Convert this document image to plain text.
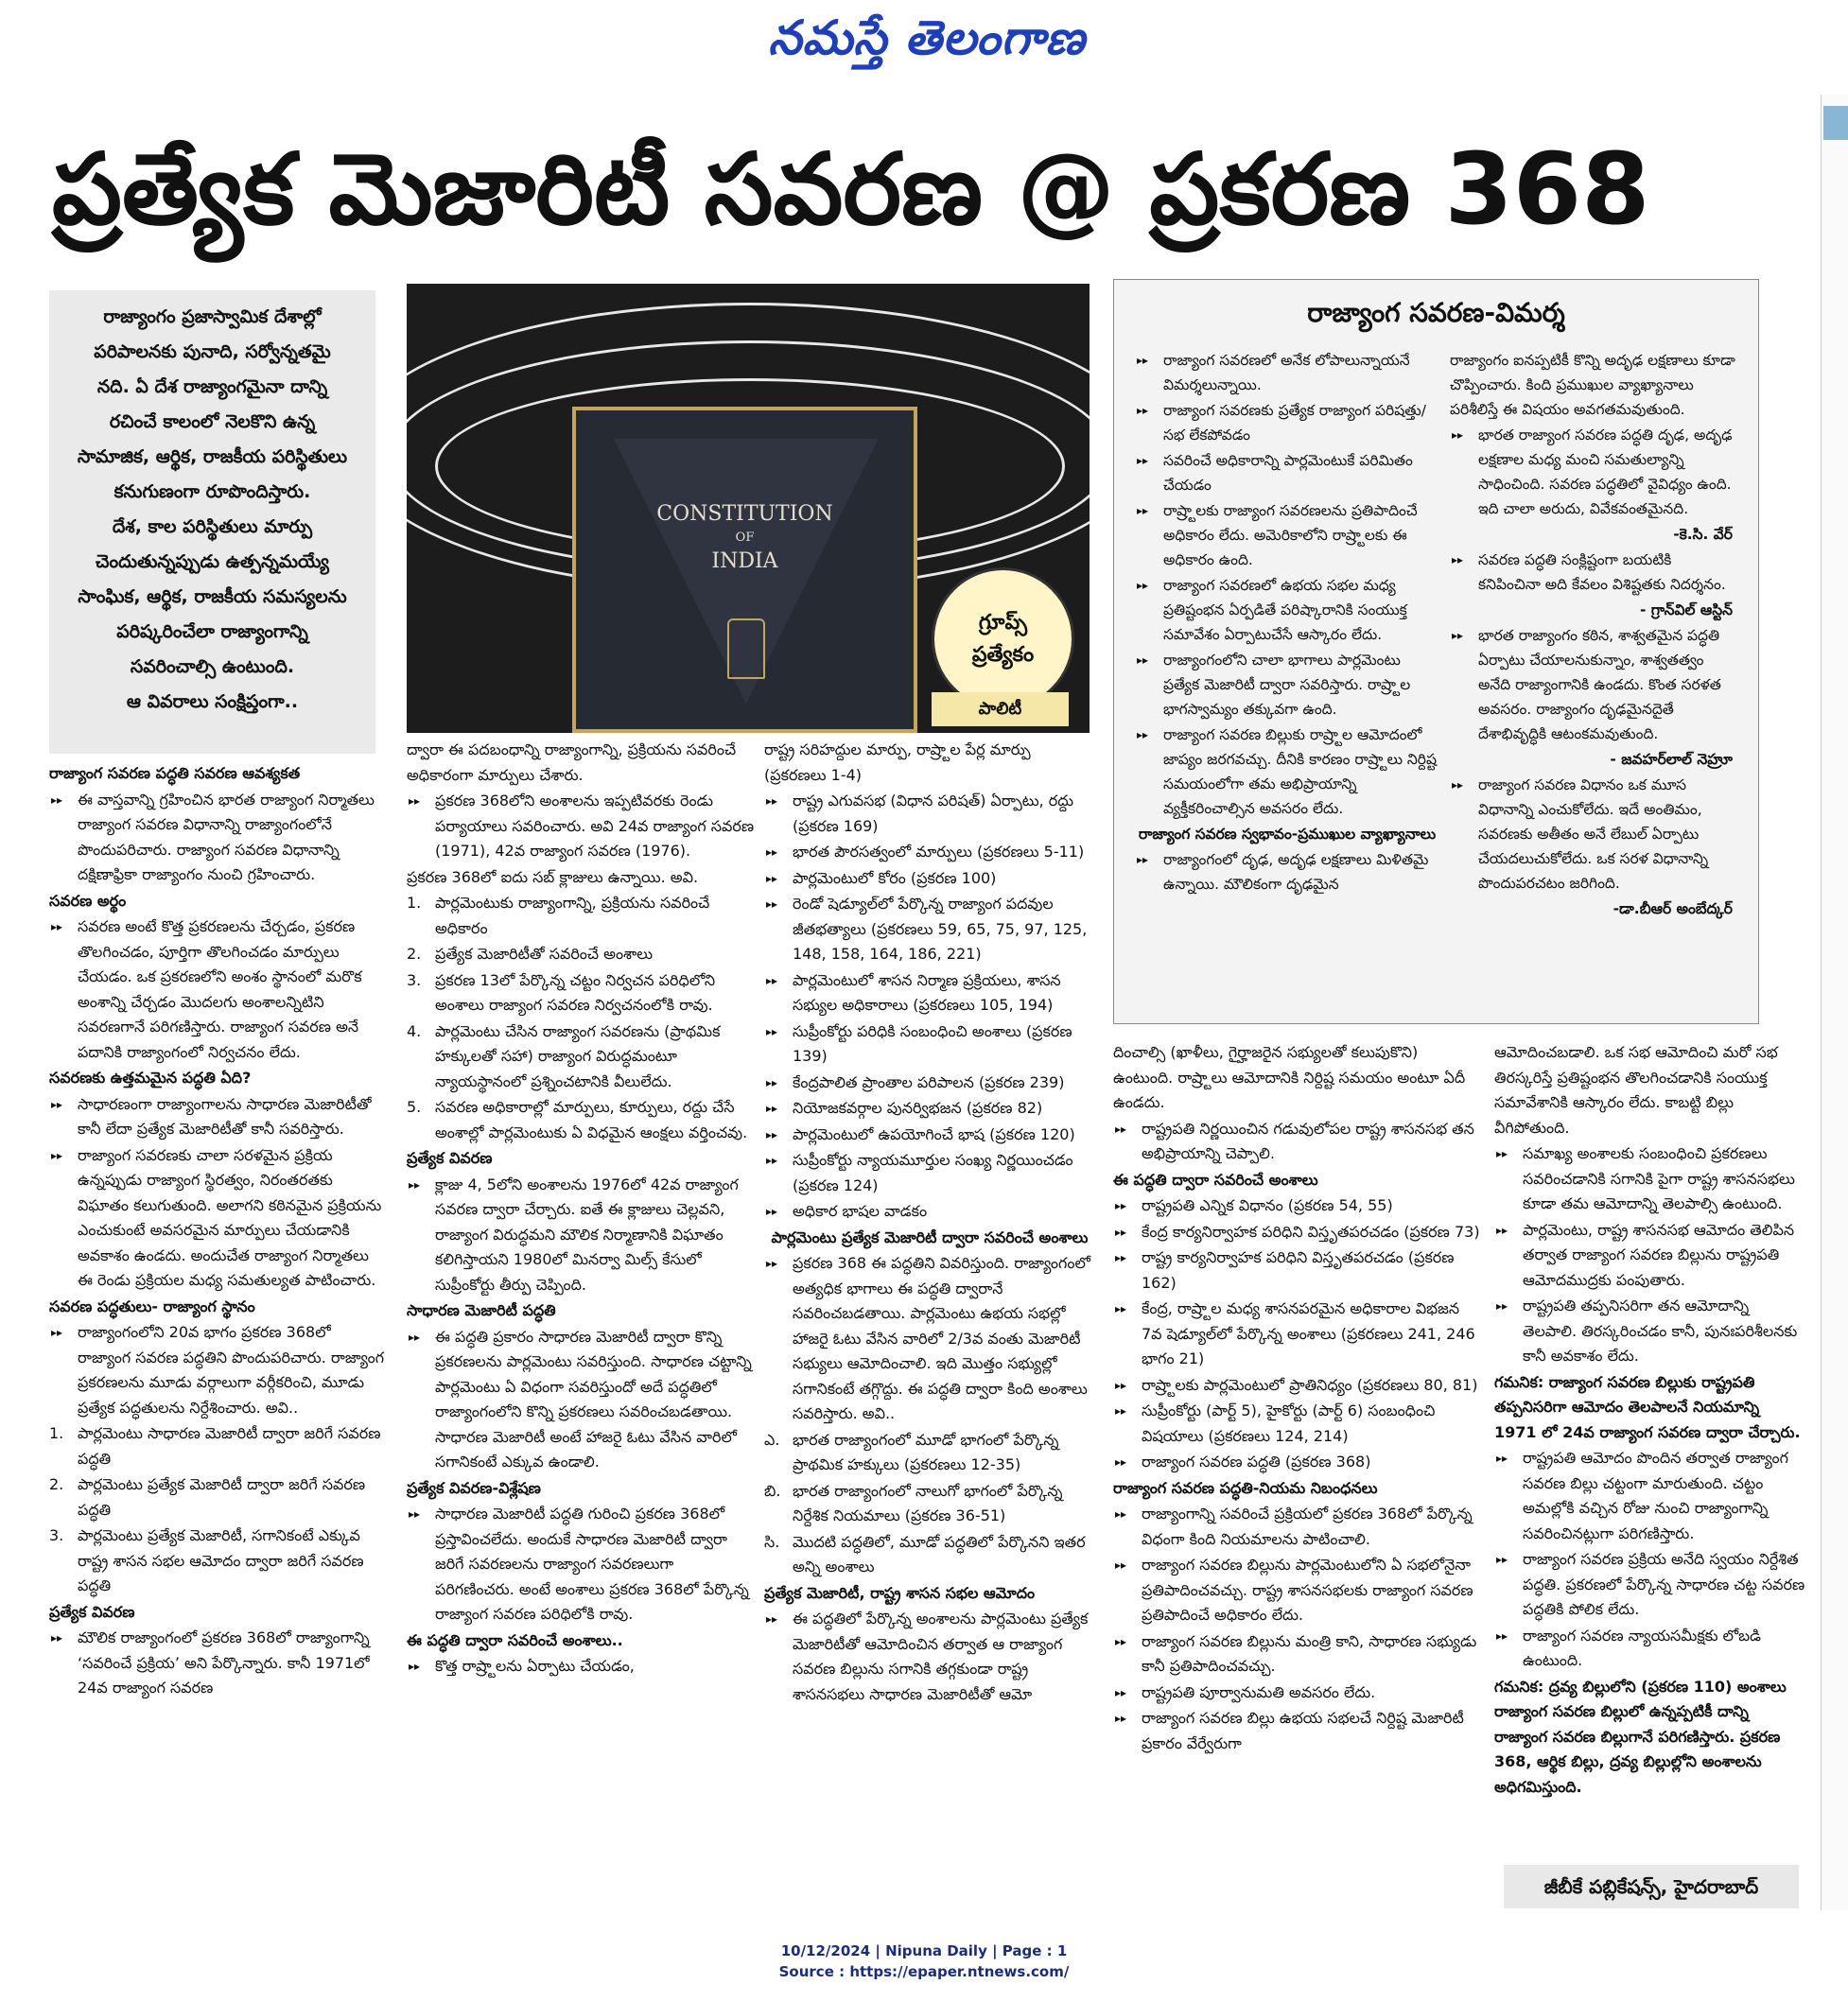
నమస్తే తెలంగాణ
ప్రత్యేక మెజారిటీ సవరణ @ ప్రకరణ 368

రాజ్యాంగం ప్రజాస్వామిక దేశాల్లో

పరిపాలనకు పునాది, సర్వోన్నతమై

నది. ఏ దేశ రాజ్యాంగమైనా దాన్ని

రచించే కాలంలో నెలకొని ఉన్న

సామాజిక, ఆర్థిక, రాజకీయ పరిస్థితులు

కనుగుణంగా రూపొందిస్తారు.

దేశ, కాల పరిస్థితులు మార్పు

చెందుతున్నప్పుడు ఉత్పన్నమయ్యే

సాంఘిక, ఆర్థిక, రాజకీయ సమస్యలను

పరిష్కరించేలా రాజ్యాంగాన్ని

సవరించాల్సి ఉంటుంది.

ఆ వివరాలు సంక్షిప్తంగా..

CONSTITUTION
OF
INDIA
గ్రూప్స్
ప్రత్యేకం
పాలిటీ
రాజ్యాంగ సవరణ-విమర్శ
▸▸ రాజ్యాంగ సవరణలో అనేక లోపాలున్నాయనే విమర్శలున్నాయి.
▸▸ రాజ్యాంగ సవరణకు ప్రత్యేక రాజ్యాంగ పరిషత్తు/సభ లేకపోవడం
▸▸ సవరించే అధికారాన్ని పార్లమెంటుకే పరిమితం చేయడం
▸▸ రాష్ర్టాలకు రాజ్యాంగ సవరణలను ప్రతిపాదించే అధికారం లేదు. అమెరికాలోని రాష్ర్టాలకు ఈ అధికారం ఉంది.
▸▸ రాజ్యాంగ సవరణలో ఉభయ సభల మధ్య ప్రతిష్టంభన ఏర్పడితే పరిష్కారానికి సంయుక్త సమావేశం ఏర్పాటుచేసే ఆస్కారం లేదు.
▸▸ రాజ్యాంగంలోని చాలా భాగాలు పార్లమెంటు ప్రత్యేక మెజారిటీ ద్వారా సవరిస్తారు. రాష్ర్టాల భాగస్వామ్యం తక్కువగా ఉంది.
▸▸ రాజ్యాంగ సవరణ బిల్లుకు రాష్ర్టాల ఆమోదంలో జాప్యం జరగవచ్చు. దీనికి కారణం రాష్ర్టాలు నిర్దిష్ట సమయంలోగా తమ అభిప్రాయాన్ని వ్యక్తీకరించాల్సిన అవసరం లేదు.
రాజ్యాంగ సవరణ స్వభావం-ప్రముఖుల వ్యాఖ్యానాలు
▸▸ రాజ్యాంగంలో దృఢ, అదృఢ లక్షణాలు మిళితమై ఉన్నాయి. మౌలికంగా దృఢమైన
రాజ్యాంగం ఐనప్పటికీ కొన్ని అదృఢ లక్షణాలు కూడా చొప్పించారు. కింది ప్రముఖుల వ్యాఖ్యానాలు పరిశీలిస్తే ఈ విషయం అవగతమవుతుంది.
▸▸ భారత రాజ్యాంగ సవరణ పద్ధతి దృఢ, అదృఢ లక్షణాల మధ్య మంచి సమతుల్యాన్ని సాధించింది. సవరణ పద్ధతిలో వైవిధ్యం ఉంది. ఇది చాలా అరుదు, వివేకవంతమైనది.
-కె.సి. వేర్
▸▸ సవరణ పద్ధతి సంక్లిష్టంగా బయటికి కనిపించినా అది కేవలం విశిష్టతకు నిదర్శనం.
- గ్రాన్‌విల్ ఆస్టిన్
▸▸ భారత రాజ్యాంగం కఠిన, శాశ్వతమైన పద్ధతి ఏర్పాటు చేయాలనుకున్నాం, శాశ్వతత్వం అనేది రాజ్యాంగానికి ఉండదు. కొంత సరళత అవసరం. రాజ్యాంగం దృఢమైనదైతే దేశాభివృద్ధికి ఆటంకమవుతుంది.
- జవహర్‌లాల్ నెహ్రూ
▸▸ రాజ్యాంగ సవరణ విధానం ఒక మూస విధానాన్ని ఎంచుకోలేదు. ఇదే అంతిమం, సవరణకు అతీతం అనే లేబుల్ ఏర్పాటు చేయదలుచుకోలేదు. ఒక సరళ విధానాన్ని పొందుపరచటం జరిగింది.
-డా.బీఆర్ అంబేద్కర్
రాజ్యాంగ సవరణ పద్ధతి సవరణ ఆవశ్యకత
▸▸ ఈ వాస్తవాన్ని గ్రహించిన భారత రాజ్యాంగ నిర్మాతలు రాజ్యాంగ సవరణ విధానాన్ని రాజ్యాంగంలోనే పొందుపరిచారు. రాజ్యాంగ సవరణ విధానాన్ని దక్షిణాఫ్రికా రాజ్యాంగం నుంచి గ్రహించారు.
సవరణ అర్థం
▸▸ సవరణ అంటే కొత్త ప్రకరణలను చేర్చడం, ప్రకరణ తొలగించడం, పూర్తిగా తొలగించడం మార్పులు చేయడం. ఒక ప్రకరణలోని అంశం స్థానంలో మరొక అంశాన్ని చేర్చడం మొదలగు అంశాలన్నిటిని సవరణగానే పరిగణిస్తారు. రాజ్యాంగ సవరణ అనే పదానికి రాజ్యాంగంలో నిర్వచనం లేదు.
సవరణకు ఉత్తమమైన పద్ధతి ఏది?
▸▸ సాధారణంగా రాజ్యాంగాలను సాధారణ మెజారిటీతో కానీ లేదా ప్రత్యేక మెజారిటీతో కానీ సవరిస్తారు.
▸▸ రాజ్యాంగ సవరణకు చాలా సరళమైన ప్రక్రియ ఉన్నప్పుడు రాజ్యాంగ స్థిరత్వం, నిరంతరతకు విఘాతం కలుగుతుంది. అలాగని కఠినమైన ప్రక్రియను ఎంచుకుంటే అవసరమైన మార్పులు చేయడానికి అవకాశం ఉండదు. అందుచేత రాజ్యాంగ నిర్మాతలు ఈ రెండు ప్రక్రియల మధ్య సమతుల్యత పాటించారు.
సవరణ పద్ధతులు- రాజ్యాంగ స్థానం
▸▸ రాజ్యాంగంలోని 20వ భాగం ప్రకరణ 368లో రాజ్యాంగ సవరణ పద్ధతిని పొందుపరిచారు. రాజ్యాంగ ప్రకరణలను మూడు వర్గాలుగా వర్గీకరించి, మూడు ప్రత్యేక పద్ధతులను నిర్దేశించారు. అవి..
1. పార్లమెంటు సాధారణ మెజారిటీ ద్వారా జరిగే సవరణ పద్ధతి
2. పార్లమెంటు ప్రత్యేక మెజారిటీ ద్వారా జరిగే సవరణ పద్ధతి
3. పార్లమెంటు ప్రత్యేక మెజారిటీ, సగానికంటే ఎక్కువ రాష్ట్ర శాసన సభల ఆమోదం ద్వారా జరిగే సవరణ పద్ధతి
ప్రత్యేక వివరణ
▸▸ మౌలిక రాజ్యాంగంలో ప్రకరణ 368లో రాజ్యాంగాన్ని ‘సవరించే ప్రక్రియ’ అని పేర్కొన్నారు. కానీ 1971లో 24వ రాజ్యాంగ సవరణ
ద్వారా ఈ పదబంధాన్ని రాజ్యాంగాన్ని, ప్రక్రియను సవరించే అధికారంగా మార్పులు చేశారు.
▸▸ ప్రకరణ 368లోని అంశాలను ఇప్పటివరకు రెండు పర్యాయాలు సవరించారు. అవి 24వ రాజ్యాంగ సవరణ (1971), 42వ రాజ్యాంగ సవరణ (1976).
ప్రకరణ 368లో ఐదు సబ్ క్లాజులు ఉన్నాయి. అవి.
1. పార్లమెంటుకు రాజ్యాంగాన్ని, ప్రక్రియను సవరించే అధికారం
2. ప్రత్యేక మెజారిటీతో సవరించే అంశాలు
3. ప్రకరణ 13లో పేర్కొన్న చట్టం నిర్వచన పరిధిలోని అంశాలు రాజ్యాంగ సవరణ నిర్వచనంలోకి రావు.
4. పార్లమెంటు చేసిన రాజ్యాంగ సవరణను (ప్రాథమిక హక్కులతో సహా) రాజ్యాంగ విరుద్ధమంటూ న్యాయస్థానంలో ప్రశ్నించటానికి వీలులేదు.
5. సవరణ అధికారాల్లో మార్పులు, కూర్పులు, రద్దు చేసే అంశాల్లో పార్లమెంటుకు ఏ విధమైన ఆంక్షలు వర్తించవు.
ప్రత్యేక వివరణ
▸▸ క్లాజు 4, 5లోని అంశాలను 1976లో 42వ రాజ్యాంగ సవరణ ద్వారా చేర్చారు. ఐతే ఈ క్లాజులు చెల్లవని, రాజ్యాంగ విరుద్ధమని మౌలిక నిర్మాణానికి విఘాతం కలిగిస్తాయని 1980లో మినర్వా మిల్స్ కేసులో సుప్రీంకోర్టు తీర్పు చెప్పింది.
సాధారణ మెజారిటీ పద్ధతి
▸▸ ఈ పద్ధతి ప్రకారం సాధారణ మెజారిటీ ద్వారా కొన్ని ప్రకరణలను పార్లమెంటు సవరిస్తుంది. సాధారణ చట్టాన్ని పార్లమెంటు ఏ విధంగా సవరిస్తుందో అదే పద్ధతిలో రాజ్యాంగంలోని కొన్ని ప్రకరణలు సవరించబడతాయి. సాధారణ మెజారిటీ అంటే హాజరై ఓటు వేసిన వారిలో సగానికంటే ఎక్కువ ఉండాలి.
ప్రత్యేక వివరణ-విశ్లేషణ
▸▸ సాధారణ మెజారిటీ పద్ధతి గురించి ప్రకరణ 368లో ప్రస్తావించలేదు. అందుకే సాధారణ మెజారిటీ ద్వారా జరిగే సవరణలను రాజ్యాంగ సవరణలుగా పరిగణించరు. అంటే అంశాలు ప్రకరణ 368లో పేర్కొన్న రాజ్యాంగ సవరణ పరిధిలోకి రావు.
ఈ పద్ధతి ద్వారా సవరించే అంశాలు..
▸▸ కొత్త రాష్ర్టాలను ఏర్పాటు చేయడం,
రాష్ట్ర సరిహద్దుల మార్పు, రాష్ర్టాల పేర్ల మార్పు (ప్రకరణలు 1-4)
▸▸ రాష్ట్ర ఎగువసభ (విధాన పరిషత్) ఏర్పాటు, రద్దు (ప్రకరణ 169)
▸▸ భారత పౌరసత్వంలో మార్పులు (ప్రకరణలు 5-11)
▸▸ పార్లమెంటులో కోరం (ప్రకరణ 100)
▸▸ రెండో షెడ్యూల్‌లో పేర్కొన్న రాజ్యాంగ పదవుల జీతభత్యాలు (ప్రకరణలు 59, 65, 75, 97, 125, 148, 158, 164, 186, 221)
▸▸ పార్లమెంటులో శాసన నిర్మాణ ప్రక్రియలు, శాసన సభ్యుల అధికారాలు (ప్రకరణలు 105, 194)
▸▸ సుప్రీంకోర్టు పరిధికి సంబంధించి అంశాలు (ప్రకరణ 139)
▸▸ కేంద్రపాలిత ప్రాంతాల పరిపాలన (ప్రకరణ 239)
▸▸ నియోజకవర్గాల పునర్విభజన (ప్రకరణ 82)
▸▸ పార్లమెంటులో ఉపయోగించే భాష (ప్రకరణ 120)
▸▸ సుప్రీంకోర్టు న్యాయమూర్తుల సంఖ్య నిర్ణయించడం (ప్రకరణ 124)
▸▸ అధికార భాషల వాడకం
పార్లమెంటు ప్రత్యేక మెజారిటీ ద్వారా సవరించే అంశాలు
▸▸ ప్రకరణ 368 ఈ పద్ధతిని వివరిస్తుంది. రాజ్యాంగంలో అత్యధిక భాగాలు ఈ పద్ధతి ద్వారానే సవరించబడతాయి. పార్లమెంటు ఉభయ సభల్లో హాజరై ఓటు వేసిన వారిలో 2/3వ వంతు మెజారిటీ సభ్యులు ఆమోదించాలి. ఇది మొత్తం సభ్యుల్లో సగానికంటే తగ్గొద్దు. ఈ పద్ధతి ద్వారా కింది అంశాలు సవరిస్తారు. అవి..
ఎ. భారత రాజ్యాంగంలో మూడో భాగంలో పేర్కొన్న ప్రాథమిక హక్కులు (ప్రకరణలు 12-35)
బి. భారత రాజ్యాంగంలో నాలుగో భాగంలో పేర్కొన్న నిర్దేశిక నియమాలు (ప్రకరణ 36-51)
సి. మొదటి పద్ధతిలో, మూడో పద్ధతిలో పేర్కొనని ఇతర అన్ని అంశాలు
ప్రత్యేక మెజారిటీ, రాష్ట్ర శాసన సభల ఆమోదం
▸▸ ఈ పద్ధతిలో పేర్కొన్న అంశాలను పార్లమెంటు ప్రత్యేక మెజారిటీతో ఆమోదించిన తర్వాత ఆ రాజ్యాంగ సవరణ బిల్లును సగానికి తగ్గకుండా రాష్ట్ర శాసనసభలు సాధారణ మెజారిటీతో ఆమో
దించాల్సి (ఖాళీలు, గైర్హాజరైన సభ్యులతో కలుపుకొని) ఉంటుంది. రాష్ర్టాలు ఆమోదానికి నిర్దిష్ట సమయం అంటూ ఏదీ ఉండదు.
▸▸ రాష్ట్రపతి నిర్ణయించిన గడువులోపల రాష్ట్ర శాసనసభ తన అభిప్రాయాన్ని చెప్పాలి.
ఈ పద్ధతి ద్వారా సవరించే అంశాలు
▸▸ రాష్ట్రపతి ఎన్నిక విధానం (ప్రకరణ 54, 55)
▸▸ కేంద్ర కార్యనిర్వాహక పరిధిని విస్తృతపరచడం (ప్రకరణ 73)
▸▸ రాష్ట్ర కార్యనిర్వాహక పరిధిని విస్తృతపరచడం (ప్రకరణ 162)
▸▸ కేంద్ర, రాష్ర్టాల మధ్య శాసనపరమైన అధికారాల విభజన 7వ షెడ్యూల్‌లో పేర్కొన్న అంశాలు (ప్రకరణలు 241, 246 భాగం 21)
▸▸ రాష్ర్టాలకు పార్లమెంటులో ప్రాతినిధ్యం (ప్రకరణలు 80, 81)
▸▸ సుప్రీంకోర్టు (పార్ట్ 5), హైకోర్టు (పార్ట్ 6) సంబంధించి విషయాలు (ప్రకరణలు 124, 214)
▸▸ రాజ్యాంగ సవరణ పద్ధతి (ప్రకరణ 368)
రాజ్యాంగ సవరణ పద్ధతి-నియమ నిబంధనలు
▸▸ రాజ్యాంగాన్ని సవరించే ప్రక్రియలో ప్రకరణ 368లో పేర్కొన్న విధంగా కింది నియమాలను పాటించాలి.
▸▸ రాజ్యాంగ సవరణ బిల్లును పార్లమెంటులోని ఏ సభలోనైనా ప్రతిపాదించవచ్చు. రాష్ట్ర శాసనసభలకు రాజ్యాంగ సవరణ ప్రతిపాదించే అధికారం లేదు.
▸▸ రాజ్యాంగ సవరణ బిల్లును మంత్రి కాని, సాధారణ సభ్యుడు కానీ ప్రతిపాదించవచ్చు.
▸▸ రాష్ట్రపతి పూర్వానుమతి అవసరం లేదు.
▸▸ రాజ్యాంగ సవరణ బిల్లు ఉభయ సభలచే నిర్దిష్ట మెజారిటీ ప్రకారం వేర్వేరుగా
ఆమోదించబడాలి. ఒక సభ ఆమోదించి మరో సభ తిరస్కరిస్తే ప్రతిష్టంభన తొలగించడానికి సంయుక్త సమావేశానికి ఆస్కారం లేదు. కాబట్టి బిల్లు వీగిపోతుంది.
▸▸ సమాఖ్య అంశాలకు సంబంధించి ప్రకరణలు సవరించడానికి సగానికి పైగా రాష్ట్ర శాసనసభలు కూడా తమ ఆమోదాన్ని తెలపాల్సి ఉంటుంది.
▸▸ పార్లమెంటు, రాష్ట్ర శాసనసభ ఆమోదం తెలిపిన తర్వాత రాజ్యాంగ సవరణ బిల్లును రాష్ట్రపతి ఆమోదముద్రకు పంపుతారు.
▸▸ రాష్ట్రపతి తప్పనిసరిగా తన ఆమోదాన్ని తెలపాలి. తిరస్కరించడం కానీ, పునఃపరిశీలనకు కానీ అవకాశం లేదు.
గమనిక: రాజ్యాంగ సవరణ బిల్లుకు రాష్ట్రపతి తప్పనిసరిగా ఆమోదం తెలపాలనే నియమాన్ని 1971 లో 24వ రాజ్యాంగ సవరణ ద్వారా చేర్చారు.
▸▸ రాష్ట్రపతి ఆమోదం పొందిన తర్వాత రాజ్యాంగ సవరణ బిల్లు చట్టంగా మారుతుంది. చట్టం అమల్లోకి వచ్చిన రోజు నుంచి రాజ్యాంగాన్ని సవరించినట్లుగా పరిగణిస్తారు.
▸▸ రాజ్యాంగ సవరణ ప్రక్రియ అనేది స్వయం నిర్దేశిత పద్ధతి. ప్రకరణలో పేర్కొన్న సాధారణ చట్ట సవరణ పద్ధతికి పోలిక లేదు.
▸▸ రాజ్యాంగ సవరణ న్యాయసమీక్షకు లోబడి ఉంటుంది.
గమనిక: ద్రవ్య బిల్లులోని (ప్రకరణ 110) అంశాలు రాజ్యాంగ సవరణ బిల్లులో ఉన్నప్పటికీ దాన్ని రాజ్యాంగ సవరణ బిల్లుగానే పరిగణిస్తారు. ప్రకరణ 368, ఆర్థిక బిల్లు, ద్రవ్య బిల్లుల్లోని అంశాలను అధిగమిస్తుంది.
జీబీకే పబ్లికేషన్స్, హైదరాబాద్
10/12/2024 | Nipuna Daily | Page : 1
Source : https://epaper.ntnews.com/
